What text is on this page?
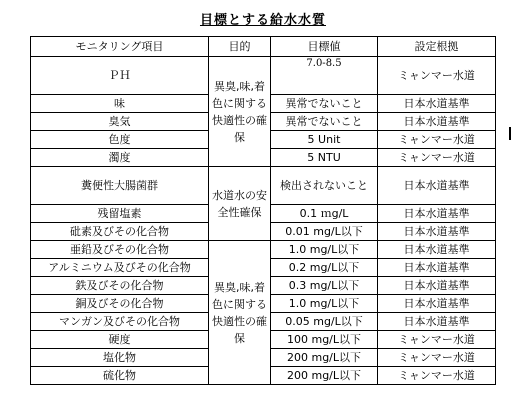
目標とする給水水質
モニタリング項目	目的	目標値	設定根拠
ＰＨ	異臭,味,着色に関する快適性の確保	7.0-8.5	ミャンマー水道
味		異常でないこと	日本水道基準
臭気		異常でないこと	日本水道基準
色度		5 Unit	ミャンマー水道
濁度		5 NTU	ミャンマー水道
糞便性大腸菌群	水道水の安全性確保	検出されないこと	日本水道基準
残留塩素		0.1 ｍg/L	日本水道基準
砒素及びその化合物		0.01 mg/L以下	日本水道基準
亜鉛及びその化合物	異臭,味,着色に関する快適性の確保	1.0 mg/L以下	日本水道基準
アルミニウム及びその化合物		0.2 mg/L以下	日本水道基準
鉄及びその化合物		0.3 mg/L以下	日本水道基準
銅及びその化合物		1.0 mg/L以下	日本水道基準
マンガン及びその化合物		0.05 mg/L以下	日本水道基準
硬度		100 mg/L以下	ミャンマー水道
塩化物		200 mg/L以下	ミャンマー水道
硫化物		200 mg/L以下	ミャンマー水道
